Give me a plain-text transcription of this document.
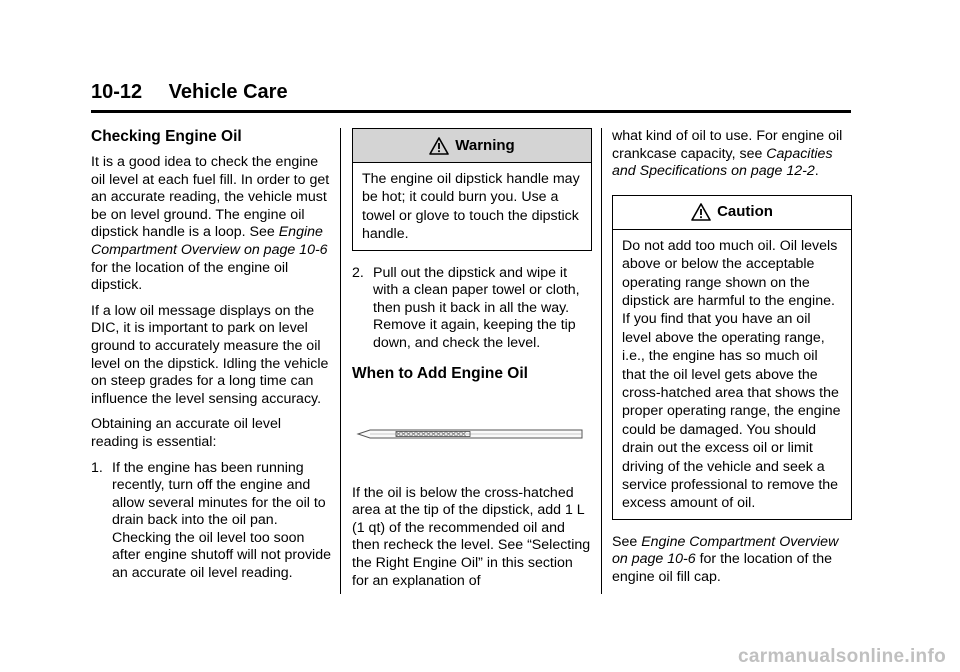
10-12 Vehicle Care
Checking Engine Oil

It is a good idea to check the engine oil level at each fuel fill. In order to get an accurate reading, the vehicle must be on level ground. The engine oil dipstick handle is a loop. See Engine Compartment Overview on page 10-6 for the location of the engine oil dipstick.

If a low oil message displays on the DIC, it is important to park on level ground to accurately measure the oil level on the dipstick. Idling the vehicle on steep grades for a long time can influence the level sensing accuracy.

Obtaining an accurate oil level reading is essential:

1. If the engine has been running recently, turn off the engine and allow several minutes for the oil to drain back into the oil pan. Checking the oil level too soon after engine shutoff will not provide an accurate oil level reading.
Warning
The engine oil dipstick handle may be hot; it could burn you. Use a towel or glove to touch the dipstick handle.
2. Pull out the dipstick and wipe it with a clean paper towel or cloth, then push it back in all the way. Remove it again, keeping the tip down, and check the level.
When to Add Engine Oil

If the oil is below the cross-hatched area at the tip of the dipstick, add 1 L (1 qt) of the recommended oil and then recheck the level. See “Selecting the Right Engine Oil” in this section for an explanation of

what kind of oil to use. For engine oil crankcase capacity, see Capacities and Specifications on page 12-2.

Caution
Do not add too much oil. Oil levels above or below the acceptable operating range shown on the dipstick are harmful to the engine. If you find that you have an oil level above the operating range, i.e., the engine has so much oil that the oil level gets above the cross-hatched area that shows the proper operating range, the engine could be damaged. You should drain out the excess oil or limit driving of the vehicle and seek a service professional to remove the excess amount of oil.

See Engine Compartment Overview on page 10-6 for the location of the engine oil fill cap.

carmanualsonline.info
